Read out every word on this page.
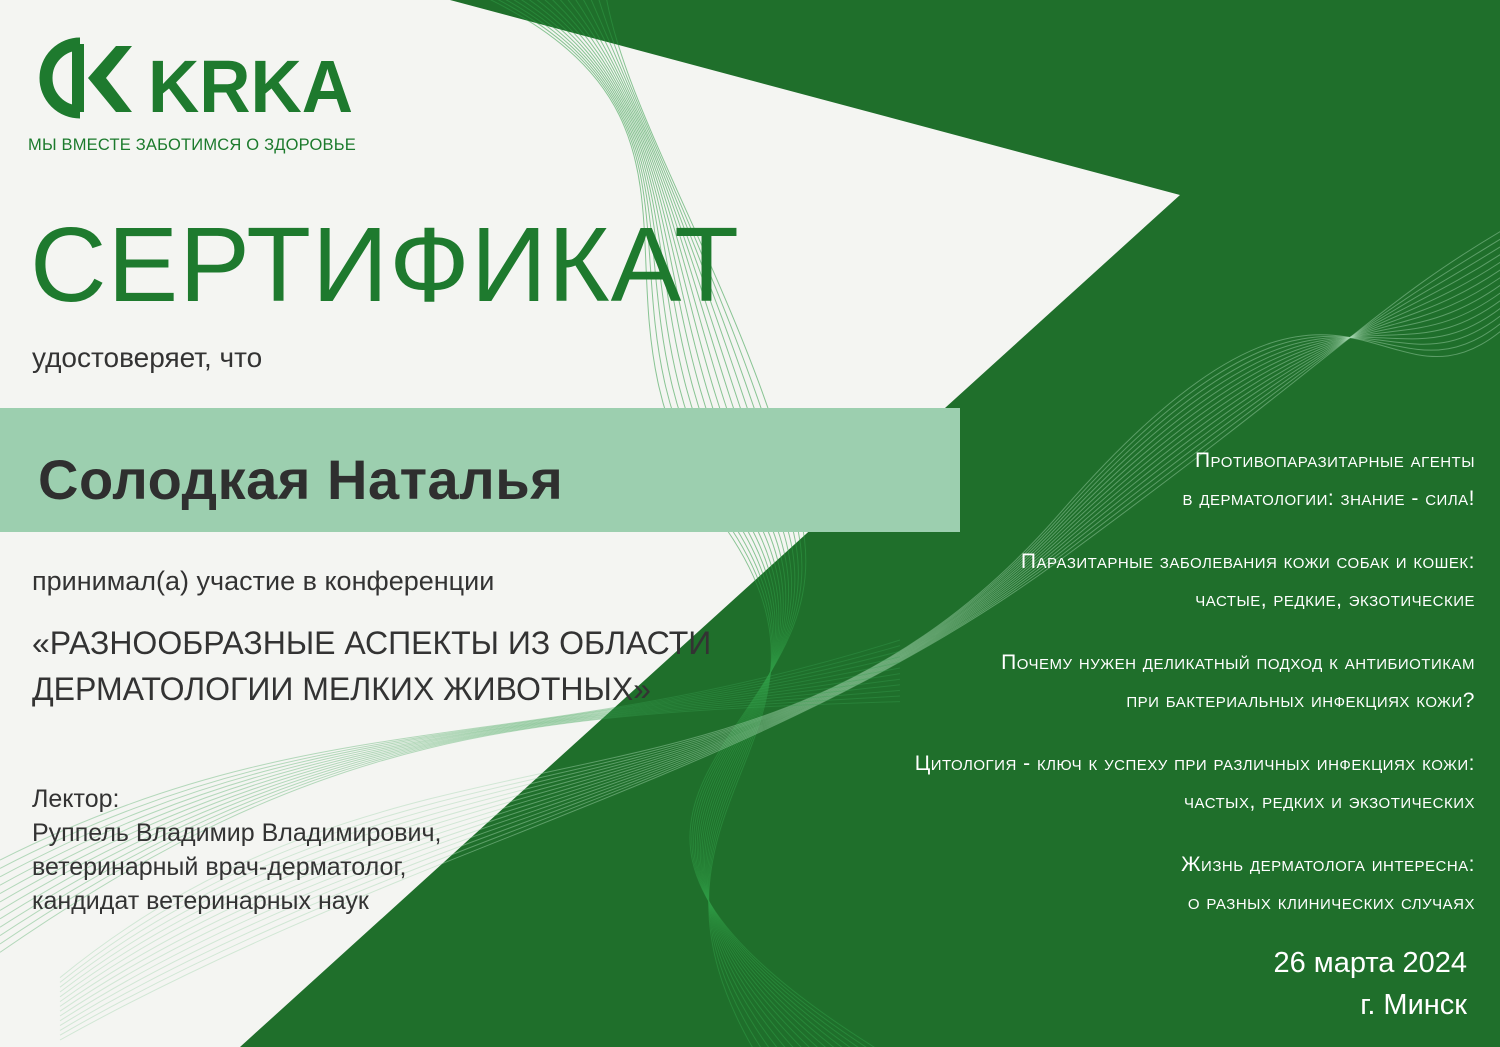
KRKA
МЫ ВМЕСТЕ ЗАБОТИМСЯ О ЗДОРОВЬЕ
СЕРТИФИКАТ
удостоверяет, что
Солодкая Наталья
принимал(а) участие в конференции
«РАЗНООБРАЗНЫЕ АСПЕКТЫ ИЗ ОБЛАСТИ
ДЕРМАТОЛОГИИ МЕЛКИХ ЖИВОТНЫХ»
Лектор:
Руппель Владимир Владимирович,
ветеринарный врач-дерматолог,
кандидат ветеринарных наук
Противопаразитарные агенты
в дерматологии: знание - сила!
Паразитарные заболевания кожи собак и кошек:
частые, редкие, экзотические
Почему нужен деликатный подход к антибиотикам
при бактериальных инфекциях кожи?
Цитология - ключ к успеху при различных инфекциях кожи:
частых, редких и экзотических
Жизнь дерматолога интересна:
о разных клинических случаях
26 марта 2024
г. Минск
